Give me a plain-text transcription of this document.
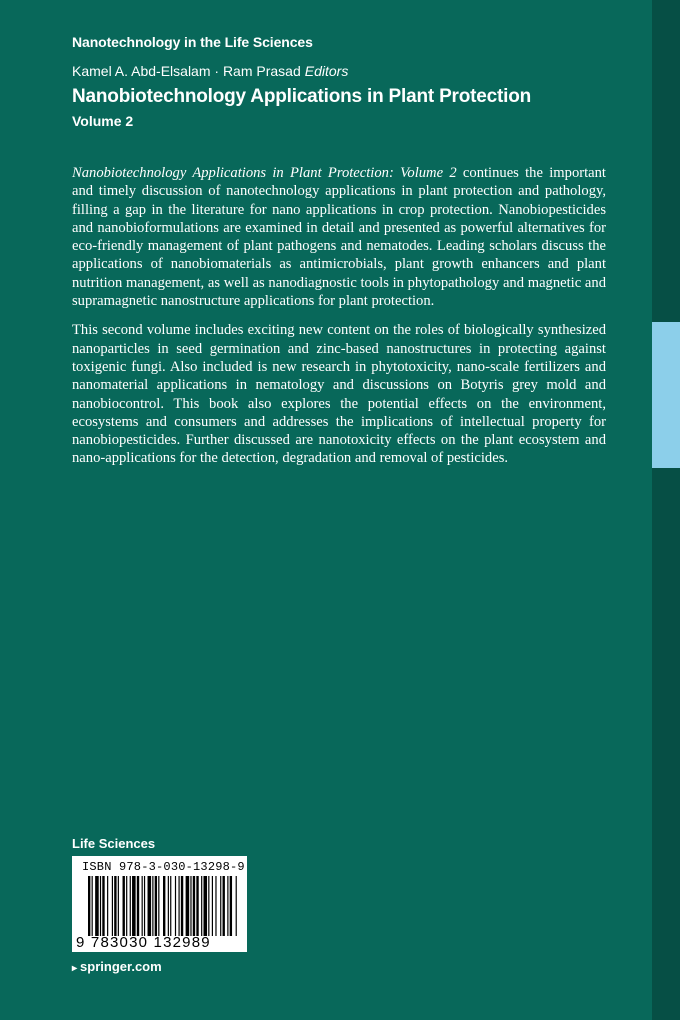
Nanotechnology in the Life Sciences
Kamel A. Abd-Elsalam · Ram Prasad Editors
Nanobiotechnology Applications in Plant Protection
Volume 2

Nanobiotechnology Applications in Plant Protection: Volume 2 continues the important and timely discussion of nanotechnology applications in plant protection and pathology, filling a gap in the literature for nano applications in crop protection. Nanobiopesticides and nanobioformulations are examined in detail and presented as powerful alternatives for eco-friendly management of plant pathogens and nematodes. Leading scholars discuss the applications of nanobiomaterials as antimicrobials, plant growth enhancers and plant nutrition management, as well as nanodiagnostic tools in phytopathology and magnetic and supramagnetic nanostructure applications for plant protection.

This second volume includes exciting new content on the roles of biologically synthesized nanoparticles in seed germination and zinc-based nanostructures in protecting against toxigenic fungi. Also included is new research in phytotoxicity, nano-scale fertilizers and nanomaterial applications in nematology and discussions on Botyris grey mold and nanobiocontrol. This book also explores the potential effects on the environment, ecosystems and consumers and addresses the implications of intellectual property for nanobiopesticides. Further discussed are nanotoxicity effects on the plant ecosystem and nano-applications for the detection, degradation and removal of pesticides.

Life Sciences
ISBN 978-3-030-13298-9
9 783030 132989
▸ springer.com
